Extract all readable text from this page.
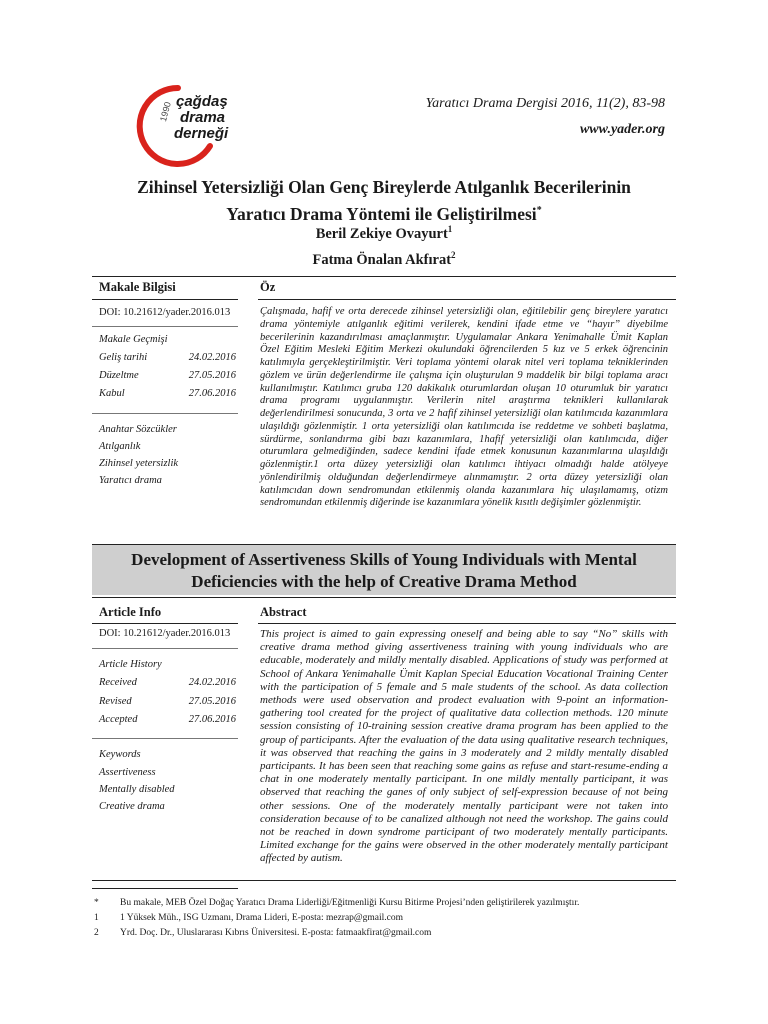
çağdaş
drama
derneği
1990	Yaratıcı Drama Dergisi 2016, 11(2), 83-98
www.yader.org
Zihinsel Yetersizliği Olan Genç Bireylerde Atılganlık Becerilerinin
Yaratıcı Drama Yöntemi ile Geliştirilmesi*
Beril Zekiye Ovayurt$^1$
Fatma Önalan Akfırat$^2$
Makale Bilgisi	Öz
DOI: 10.21612/yader.2016.013
Makale Geçmişi
Geliş tarihi	24.02.2016
Düzeltme	27.05.2016
Kabul	27.06.2016
Anahtar Sözcükler
Atılganlık
Zihinsel yetersizlik
Yaratıcı drama
Çalışmada, hafif ve orta derecede zihinsel yetersizliği olan, eğitilebilir genç bireylere yaratıcı drama yöntemiyle atılganlık eğitimi verilerek, kendini ifade etme ve “hayır” diyebilme becerilerinin kazandırılması amaçlanmıştır. Uygulamalar Ankara Yenimahalle Ümit Kaplan Özel Eğitim Mesleki Eğitim Merkezi okulundaki öğrencilerden 5 kız ve 5 erkek öğrencinin katılımıyla gerçekleştirilmiştir. Veri toplama yöntemi olarak nitel veri toplama tekniklerinden gözlem ve ürün değerlendirme ile çalışma için oluşturulan 9 maddelik bir bilgi toplama aracı kullanılmıştır. Katılımcı gruba 120 dakikalık oturumlardan oluşan 10 oturumluk bir yaratıcı drama programı uygulanmıştır. Verilerin nitel araştırma teknikleri kullanılarak değerlendirilmesi sonucunda, 3 orta ve 2 hafif zihinsel yetersizliği olan katılımcıda kazanımlara ulaşıldığı gözlenmiştir. 1 orta yetersizliği olan katılımcıda ise reddetme ve sohbeti başlatma, sürdürme, sonlandırma gibi bazı kazanımlara, 1hafif yetersizliği olan katılımcıda, diğer oturumlara gelmediğinden, sadece kendini ifade etmek konusunun kazanımlarına ulaşıldığı gözlenmiştir.1 orta düzey yetersizliği olan katılımcı ihtiyacı olmadığı halde atölyeye yönlendirilmiş olduğundan değerlendirmeye alınmamıştır. 2 orta düzey yetersizliği olan katılımcıdan down sendromundan etkilenmiş olanda kazanımlara hiç ulaşılamamış, otizm sendromundan etkilenmiş diğerinde ise kazanımlara yönelik kısıtlı değişimler gözlenmiştir.
Development of Assertiveness Skills of Young Individuals with Mental
Deficiencies with the help of Creative Drama Method
Article Info	Abstract
DOI: 10.21612/yader.2016.013
Article History
Received	24.02.2016
Revised	27.05.2016
Accepted	27.06.2016
Keywords
Assertiveness
Mentally disabled
Creative drama
This project is aimed to gain expressing oneself and being able to say “No” skills with creative drama method giving assertiveness training with young individuals who are educable, moderately and mildly mentally disabled. Applications of study was performed at School of Ankara Yenimahalle Ümit Kaplan Special Education Vocational Training Center with the participation of 5 female and 5 male students of the school. As data collection methods were used observation and prodect evaluation with 9-point an information-gathering tool created for the project of qualitative data collection methods. 120 minute session consisting of 10-training session creative drama program has been applied to the group of participants. After the evaluation of the data using qualitative research techniques, it was observed that reaching the gains in 3 moderately and 2 mildly mentally disabled participants. It has been seen that reaching some gains as refuse and start-resume-ending a chat in one moderately mentally participant. In one mildly mentally participant, it was observed that reaching the ganes of only subject of self-expression because of not being other sessions. One of the moderately mentally participant were not taken into consideration because of to be canalized although not need the workshop. The gains could not be reached in down syndrome participant of two moderately mentally participants. Limited exchange for the gains were observed in the other moderately mentally participant affected by autism.
* Bu makale, MEB Özel Doğaç Yaratıcı Drama Liderliği/Eğitmenliği Kursu Bitirme Projesi’nden geliştirilerek yazılmıştır.
1 1 Yüksek Müh., ISG Uzmanı, Drama Lideri, E-posta: mezrap@gmail.com
2 Yrd. Doç. Dr., Uluslararası Kıbrıs Üniversitesi. E-posta: fatmaakfirat@gmail.com
